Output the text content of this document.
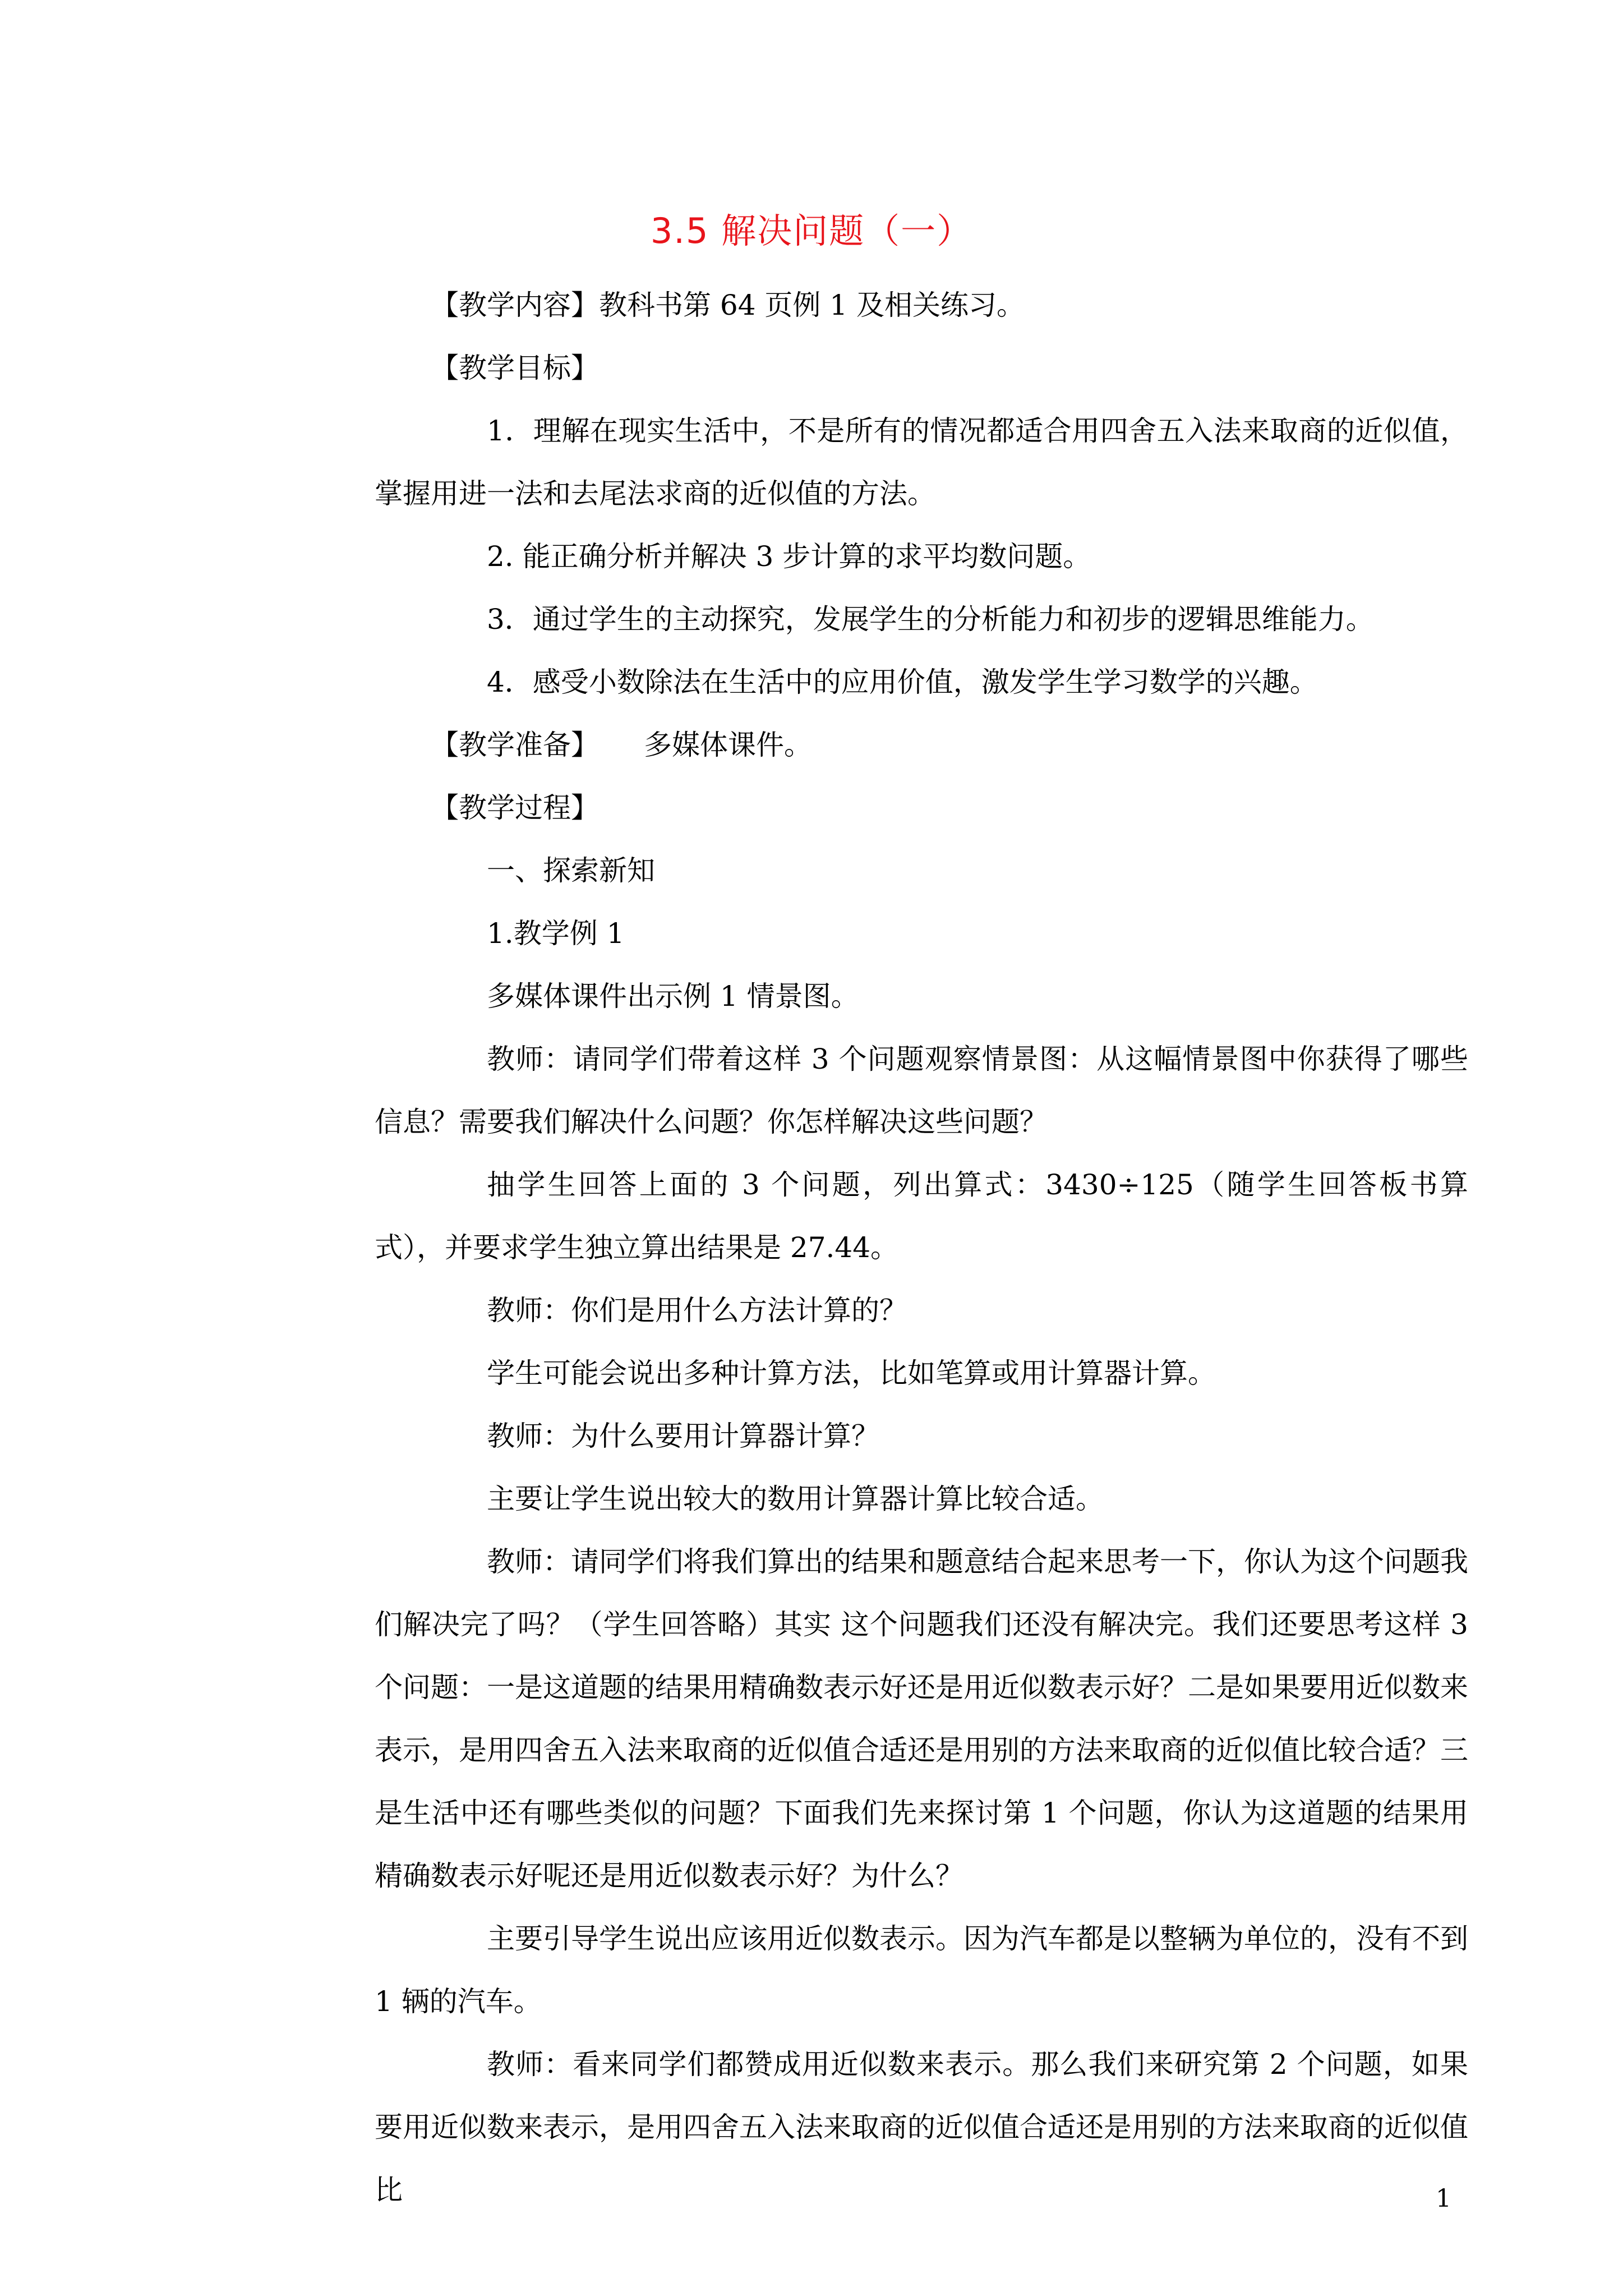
3.5 解决问题（一）

【教学内容】教科书第 64 页例 1 及相关练习。

【教学目标】

1．理解在现实生活中，不是所有的情况都适合用四舍五入法来取商的近似值，掌握用进一法和去尾法求商的近似值的方法。

2. 能正确分析并解决 3 步计算的求平均数问题。

3．通过学生的主动探究，发展学生的分析能力和初步的逻辑思维能力。

4．感受小数除法在生活中的应用价值，激发学生学习数学的兴趣。

【教学准备】 多媒体课件。

【教学过程】

一、探索新知

1.教学例 1

多媒体课件出示例 1 情景图。

教师：请同学们带着这样 3 个问题观察情景图：从这幅情景图中你获得了哪些信息？需要我们解决什么问题？你怎样解决这些问题？

抽学生回答上面的 3 个问题，列出算式：3430÷125（随学生回答板书算式），并要求学生独立算出结果是 27.44。

教师：你们是用什么方法计算的？

学生可能会说出多种计算方法，比如笔算或用计算器计算。

教师：为什么要用计算器计算？

主要让学生说出较大的数用计算器计算比较合适。

教师：请同学们将我们算出的结果和题意结合起来思考一下，你认为这个问题我们解决完了吗？（学生回答略）其实 这个问题我们还没有解决完。我们还要思考这样 3 个问题：一是这道题的结果用精确数表示好还是用近似数表示好？二是如果要用近似数来表示，是用四舍五入法来取商的近似值合适还是用别的方法来取商的近似值比较合适？三是生活中还有哪些类似的问题？下面我们先来探讨第 1 个问题，你认为这道题的结果用精确数表示好呢还是用近似数表示好？为什么？

主要引导学生说出应该用近似数表示。因为汽车都是以整辆为单位的，没有不到 1 辆的汽车。

教师：看来同学们都赞成用近似数来表示。那么我们来研究第 2 个问题，如果要用近似数来表示，是用四舍五入法来取商的近似值合适还是用别的方法来取商的近似值比	1
